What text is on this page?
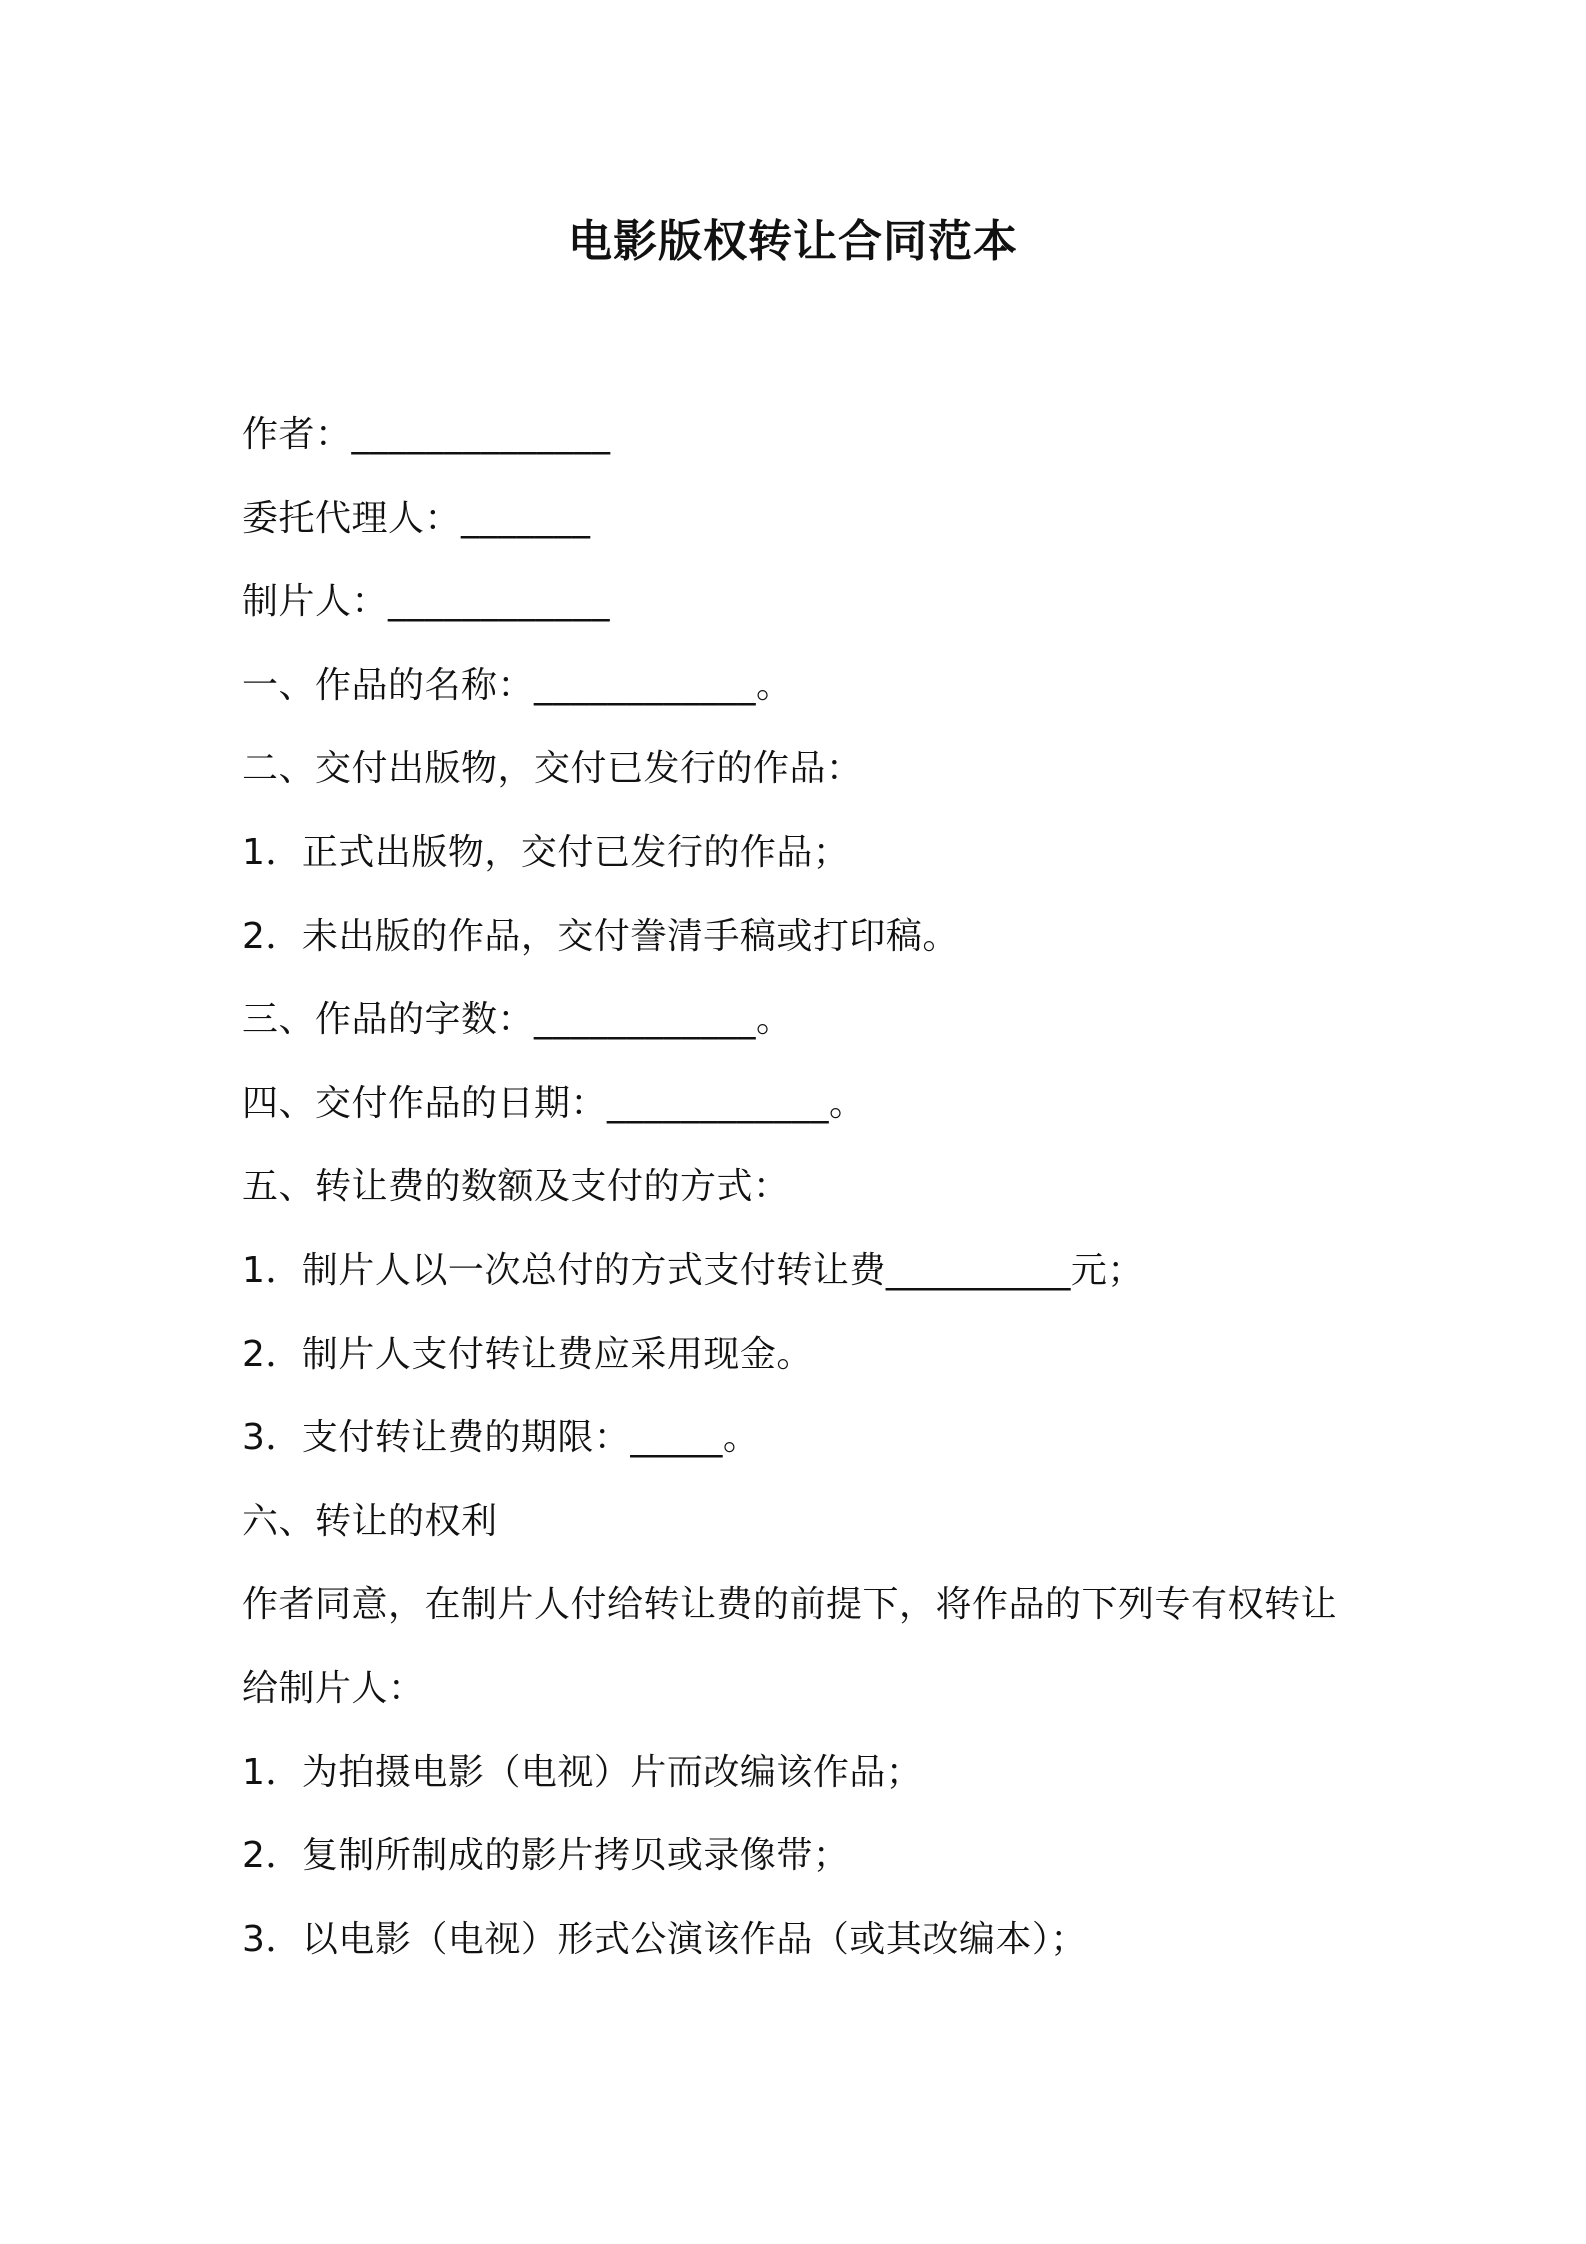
电影版权转让合同范本
作者：______________
委托代理人：_______
制片人：____________
一、作品的名称：____________。
二、交付出版物，交付已发行的作品：
1．正式出版物，交付已发行的作品；
2．未出版的作品，交付誊清手稿或打印稿。
三、作品的字数：____________。
四、交付作品的日期：____________。
五、转让费的数额及支付的方式：
1．制片人以一次总付的方式支付转让费__________元；
2．制片人支付转让费应采用现金。
3．支付转让费的期限：_____。
六、转让的权利
作者同意，在制片人付给转让费的前提下，将作品的下列专有权转让
给制片人：
1．为拍摄电影（电视）片而改编该作品；
2．复制所制成的影片拷贝或录像带；
3．以电影（电视）形式公演该作品（或其改编本）；
